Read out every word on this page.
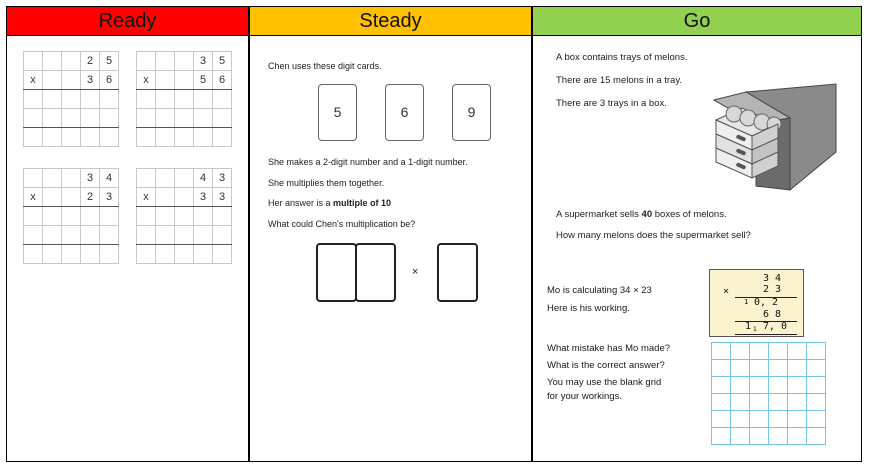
Ready	Steady	Go
			2	5
x			3	6

			3	5
x			5	6

			3	4
x			2	3

			4	3
x			3	3

Chen uses these digit cards.
5	6	9
She makes a 2-digit number and a 1-digit number.
She multiplies them together.
Her answer is a multiple of 10
What could Chen's multiplication be?
×
A box contains trays of melons.
There are 15 melons in a tray.
There are 3 trays in a box.
A supermarket sells 40 boxes of melons.
How many melons does the supermarket sell?
Mo is calculating 34 × 23
Here is his working.
3 4
×	2 3
1 0, 2
6 8
1 1 7, 0
What mistake has Mo made?
What is the correct answer?
You may use the blank grid
for your workings.
